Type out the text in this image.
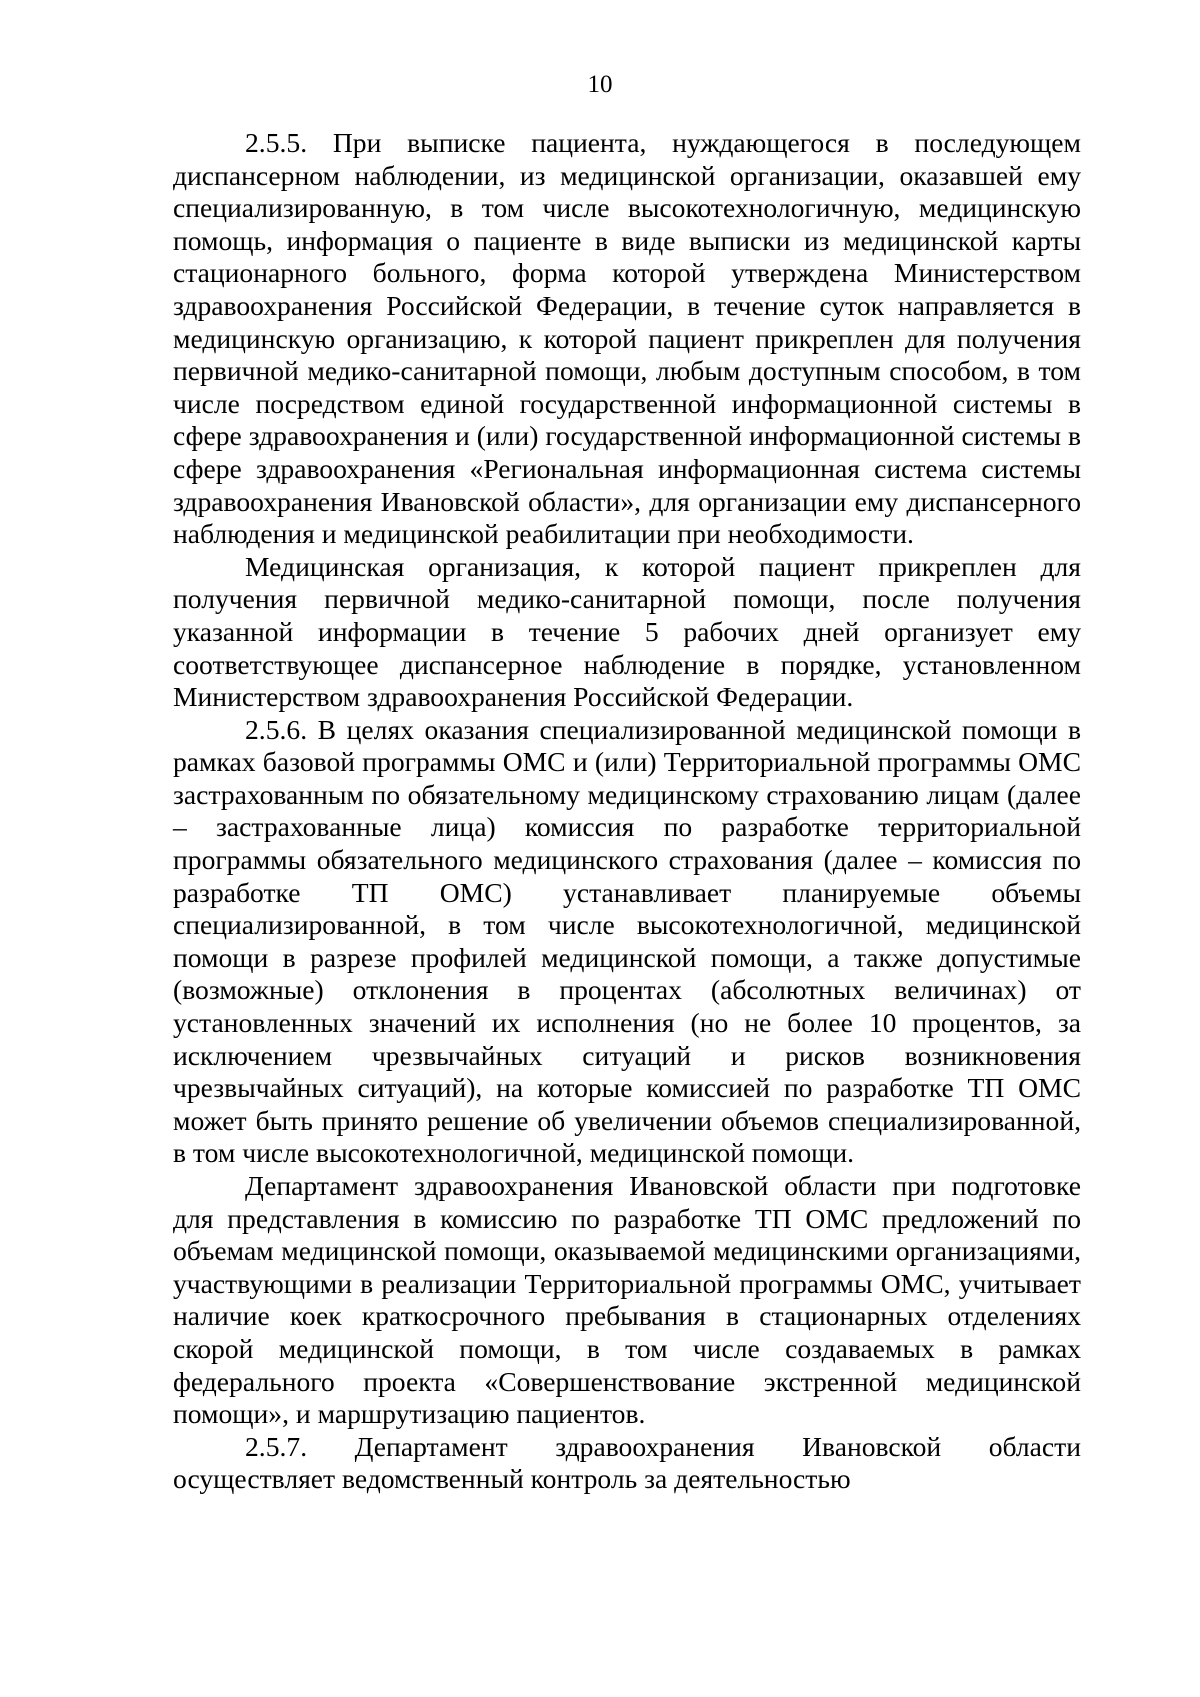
10

2.5.5. При выписке пациента, нуждающегося в последующем диспансерном наблюдении, из медицинской организации, оказавшей ему специализированную, в том числе высокотехнологичную, медицинскую помощь, информация о пациенте в виде выписки из медицинской карты стационарного больного, форма которой утверждена Министерством здравоохранения Российской Федерации, в течение суток направляется в медицинскую организацию, к которой пациент прикреплен для получения первичной медико-санитарной помощи, любым доступным способом, в том числе посредством единой государственной информационной системы в сфере здравоохранения и (или) государственной информационной системы в сфере здравоохранения «Региональная информационная система системы здравоохранения Ивановской области», для организации ему диспансерного наблюдения и медицинской реабилитации при необходимости.

Медицинская организация, к которой пациент прикреплен для получения первичной медико-санитарной помощи, после получения указанной информации в течение 5 рабочих дней организует ему соответствующее диспансерное наблюдение в порядке, установленном Министерством здравоохранения Российской Федерации.

2.5.6. В целях оказания специализированной медицинской помощи в рамках базовой программы ОМС и (или) Территориальной программы ОМС застрахованным по обязательному медицинскому страхованию лицам (далее – застрахованные лица) комиссия по разработке территориальной программы обязательного медицинского страхования (далее – комиссия по разработке ТП ОМС) устанавливает планируемые объемы специализированной, в том числе высокотехнологичной, медицинской помощи в разрезе профилей медицинской помощи, а также допустимые (возможные) отклонения в процентах (абсолютных величинах) от установленных значений их исполнения (но не более 10 процентов, за исключением чрезвычайных ситуаций и рисков возникновения чрезвычайных ситуаций), на которые комиссией по разработке ТП ОМС может быть принято решение об увеличении объемов специализированной, в том числе высокотехнологичной, медицинской помощи.

Департамент здравоохранения Ивановской области при подготовке для представления в комиссию по разработке ТП ОМС предложений по объемам медицинской помощи, оказываемой медицинскими организациями, участвующими в реализации Территориальной программы ОМС, учитывает наличие коек краткосрочного пребывания в стационарных отделениях скорой медицинской помощи, в том числе создаваемых в рамках федерального проекта «Совершенствование экстренной медицинской помощи», и маршрутизацию пациентов.

2.5.7. Департамент здравоохранения Ивановской области осуществляет ведомственный контроль за деятельностью
